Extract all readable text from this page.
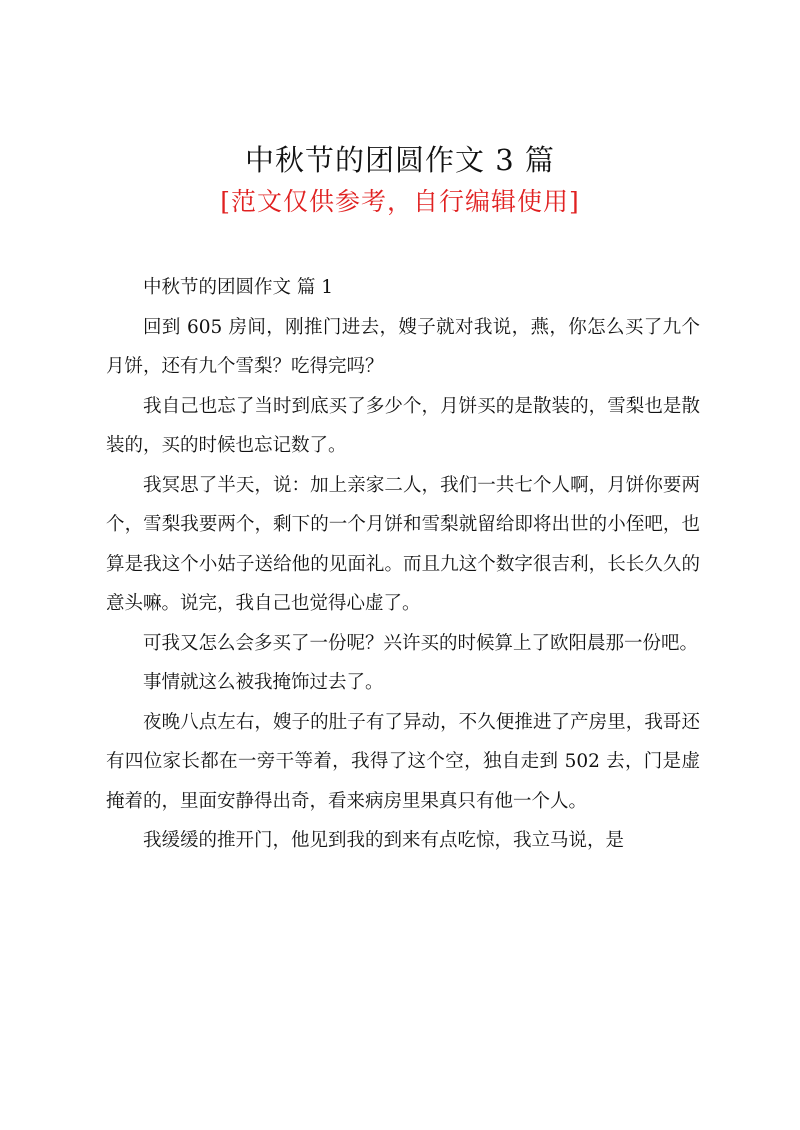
中秋节的团圆作文 3 篇
[范文仅供参考，自行编辑使用]

中秋节的团圆作文 篇 1

回到 605 房间，刚推门进去，嫂子就对我说，燕，你怎么买了九个月饼，还有九个雪梨？吃得完吗？

我自己也忘了当时到底买了多少个，月饼买的是散装的，雪梨也是散装的，买的时候也忘记数了。

我冥思了半天，说：加上亲家二人，我们一共七个人啊，月饼你要两个，雪梨我要两个，剩下的一个月饼和雪梨就留给即将出世的小侄吧，也算是我这个小姑子送给他的见面礼。而且九这个数字很吉利，长长久久的意头嘛。说完，我自己也觉得心虚了。

可我又怎么会多买了一份呢？兴许买的时候算上了欧阳晨那一份吧。

事情就这么被我掩饰过去了。

夜晚八点左右，嫂子的肚子有了异动，不久便推进了产房里，我哥还有四位家长都在一旁干等着，我得了这个空，独自走到 502 去，门是虚掩着的，里面安静得出奇，看来病房里果真只有他一个人。

我缓缓的推开门，他见到我的到来有点吃惊，我立马说，是
